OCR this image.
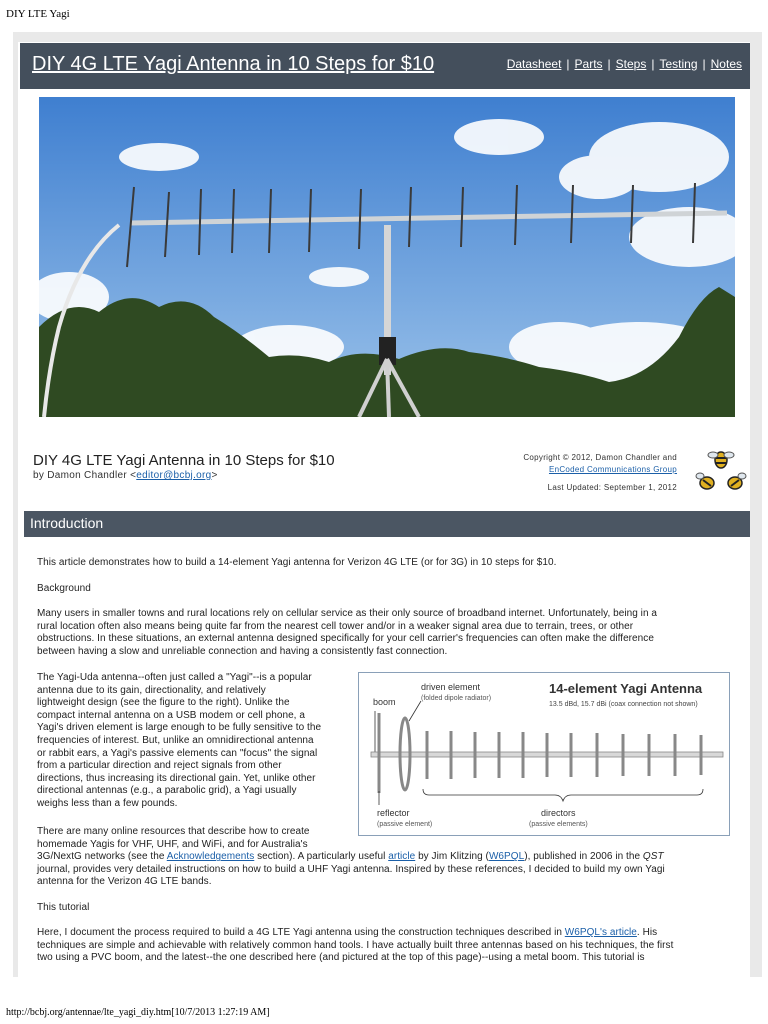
DIY LTE Yagi
DIY 4G LTE Yagi Antenna in 10 Steps for $10	Datasheet | Parts | Steps | Testing | Notes
DIY 4G LTE Yagi Antenna in 10 Steps for $10
by Damon Chandler <editor@bcbj.org>
Copyright © 2012, Damon Chandler and
EnCoded Communications Group
Last Updated: September 1, 2012
Introduction
This article demonstrates how to build a 14-element Yagi antenna for Verizon 4G LTE (or for 3G) in 10 steps for $10.
Background
Many users in smaller towns and rural locations rely on cellular service as their only source of broadband internet. Unfortunately, being in a
rural location often also means being quite far from the nearest cell tower and/or in a weaker signal area due to terrain, trees, or other
obstructions. In these situations, an external antenna designed specifically for your cell carrier's frequencies can often make the difference
between having a slow and unreliable connection and having a consistently fast connection.
The Yagi-Uda antenna--often just called a "Yagi"--is a popular
antenna due to its gain, directionality, and relatively
lightweight design (see the figure to the right). Unlike the
compact internal antenna on a USB modem or cell phone, a
Yagi's driven element is large enough to be fully sensitive to the
frequencies of interest. But, unlike an omnidirectional antenna
or rabbit ears, a Yagi's passive elements can "focus" the signal
from a particular direction and reject signals from other
directions, thus increasing its directional gain. Yet, unlike other
directional antennas (e.g., a parabolic grid), a Yagi usually
weighs less than a few pounds.
14-element Yagi Antenna
13.5 dBd, 15.7 dBi (coax connection not shown)
boom
driven element
(folded dipole radiator)
reflector
(passive element)
directors
(passive elements)
There are many online resources that describe how to create
homemade Yagis for VHF, UHF, and WiFi, and for Australia's
3G/NextG networks (see the Acknowledgements section). A particularly useful article by Jim Klitzing (W6PQL), published in 2006 in the QST
journal, provides very detailed instructions on how to build a UHF Yagi antenna. Inspired by these references, I decided to build my own Yagi
antenna for the Verizon 4G LTE bands.
This tutorial
Here, I document the process required to build a 4G LTE Yagi antenna using the construction techniques described in W6PQL's article. His
techniques are simple and achievable with relatively common hand tools. I have actually built three antennas based on his techniques, the first
two using a PVC boom, and the latest--the one described here (and pictured at the top of this page)--using a metal boom. This tutorial is
http://bcbj.org/antennae/lte_yagi_diy.htm[10/7/2013 1:27:19 AM]
